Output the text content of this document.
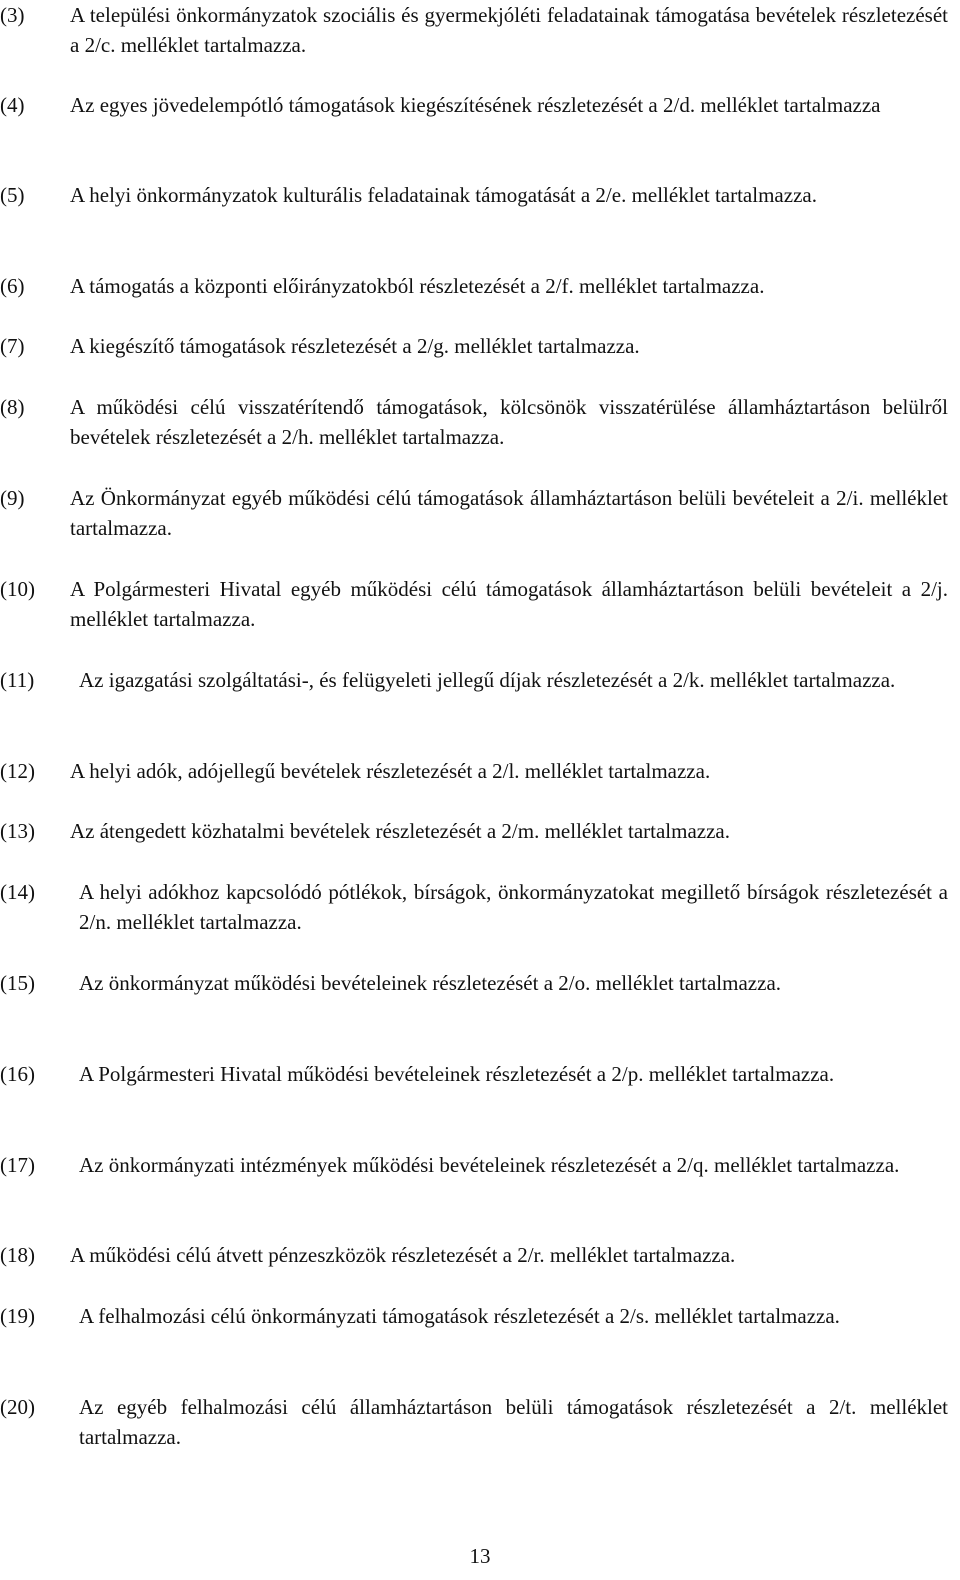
(3)	A települési önkormányzatok szociális és gyermekjóléti feladatainak támogatása bevételek részletezését a 2/c. melléklet tartalmazza.
(4)	Az egyes jövedelempótló támogatások kiegészítésének részletezését a 2/d. melléklet tartalmazza
(5)	A helyi önkormányzatok kulturális feladatainak támogatását a 2/e. melléklet tartalmazza.
(6)	A támogatás a központi előirányzatokból részletezését a 2/f. melléklet tartalmazza.
(7)	A kiegészítő támogatások részletezését a 2/g. melléklet tartalmazza.
(8)	A működési célú visszatérítendő támogatások, kölcsönök visszatérülése államháztartáson belülről bevételek részletezését a 2/h. melléklet tartalmazza.
(9)	Az Önkormányzat egyéb működési célú támogatások államháztartáson belüli bevételeit a 2/i. melléklet tartalmazza.
(10)	A Polgármesteri Hivatal egyéb működési célú támogatások államháztartáson belüli bevételeit a 2/j. melléklet tartalmazza.
(11)	Az igazgatási szolgáltatási-, és felügyeleti jellegű díjak részletezését a 2/k. melléklet tartalmazza.
(12)	A helyi adók, adójellegű bevételek részletezését a 2/l. melléklet tartalmazza.
(13)	Az átengedett közhatalmi bevételek részletezését a 2/m. melléklet tartalmazza.
(14)	A helyi adókhoz kapcsolódó pótlékok, bírságok, önkormányzatokat megillető bírságok részletezését a 2/n. melléklet tartalmazza.
(15)	Az önkormányzat működési bevételeinek részletezését a 2/o. melléklet tartalmazza.
(16)	A Polgármesteri Hivatal működési bevételeinek részletezését a 2/p. melléklet tartalmazza.
(17)	Az önkormányzati intézmények működési bevételeinek részletezését a 2/q. melléklet tartalmazza.
(18)	A működési célú átvett pénzeszközök részletezését a 2/r. melléklet tartalmazza.
(19)	A felhalmozási célú önkormányzati támogatások részletezését a 2/s. melléklet tartalmazza.
(20)	Az egyéb felhalmozási célú államháztartáson belüli támogatások részletezését a 2/t. melléklet tartalmazza.
13
